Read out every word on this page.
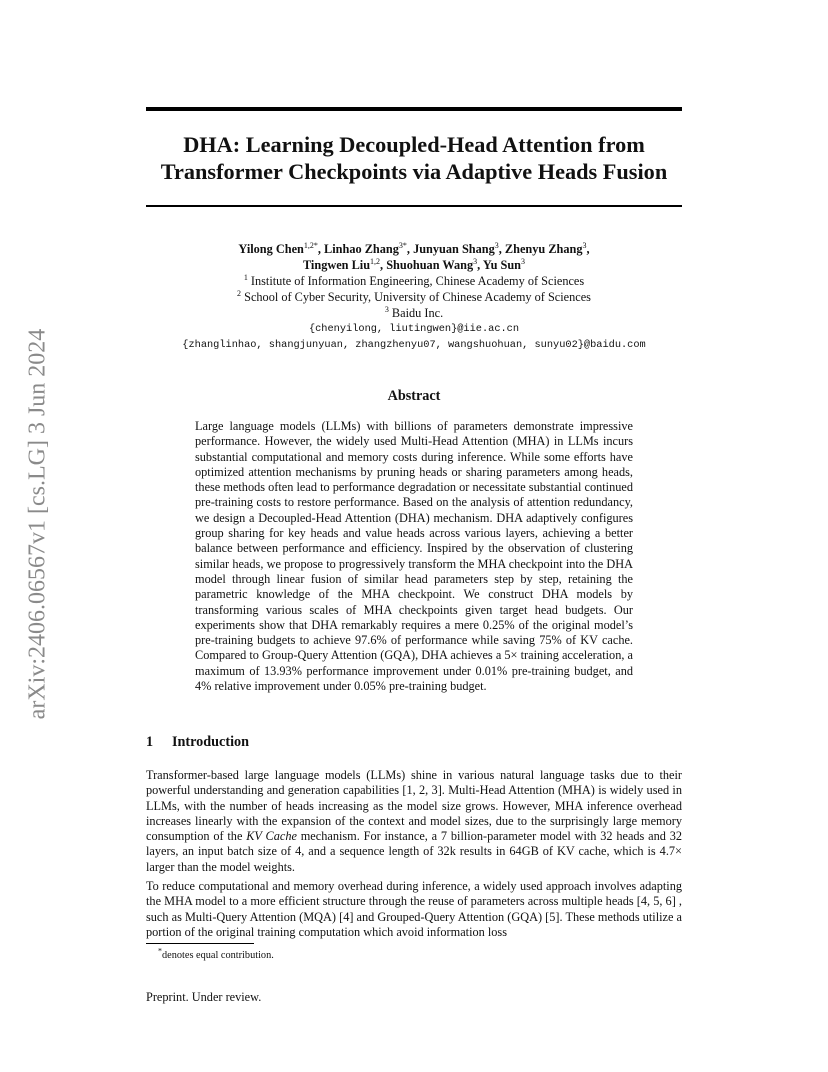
arXiv:2406.06567v1 [cs.LG] 3 Jun 2024
DHA: Learning Decoupled-Head Attention from
Transformer Checkpoints via Adaptive Heads Fusion
Yilong Chen$^{1,2*}$, Linhao Zhang$^{3*}$, Junyuan Shang$^3$, Zhenyu Zhang$^3$,
Tingwen Liu$^{1,2}$, Shuohuan Wang$^3$, Yu Sun$^3$
$^1$ Institute of Information Engineering, Chinese Academy of Sciences
$^2$ School of Cyber Security, University of Chinese Academy of Sciences
$^3$ Baidu Inc.
{chenyilong, liutingwen}@iie.ac.cn
{zhanglinhao, shangjunyuan, zhangzhenyu07, wangshuohuan, sunyu02}@baidu.com
Abstract
Large language models (LLMs) with billions of parameters demonstrate impressive performance. However, the widely used Multi-Head Attention (MHA) in LLMs incurs substantial computational and memory costs during inference. While some efforts have optimized attention mechanisms by pruning heads or sharing parameters among heads, these methods often lead to performance degradation or necessitate substantial continued pre-training costs to restore performance. Based on the analysis of attention redundancy, we design a Decoupled-Head Attention (DHA) mechanism. DHA adaptively configures group sharing for key heads and value heads across various layers, achieving a better balance between performance and efficiency. Inspired by the observation of clustering similar heads, we propose to progressively transform the MHA checkpoint into the DHA model through linear fusion of similar head parameters step by step, retaining the parametric knowledge of the MHA checkpoint. We construct DHA models by transforming various scales of MHA checkpoints given target head budgets. Our experiments show that DHA remarkably requires a mere 0.25% of the original model’s pre-training budgets to achieve 97.6% of performance while saving 75% of KV cache. Compared to Group-Query Attention (GQA), DHA achieves a 5× training acceleration, a maximum of 13.93% performance improvement under 0.01% pre-training budget, and 4% relative improvement under 0.05% pre-training budget.
1 Introduction
Transformer-based large language models (LLMs) shine in various natural language tasks due to their powerful understanding and generation capabilities [1, 2, 3]. Multi-Head Attention (MHA) is widely used in LLMs, with the number of heads increasing as the model size grows. However, MHA inference overhead increases linearly with the expansion of the context and model sizes, due to the surprisingly large memory consumption of the KV Cache mechanism. For instance, a 7 billion-parameter model with 32 heads and 32 layers, an input batch size of 4, and a sequence length of 32k results in 64GB of KV cache, which is 4.7× larger than the model weights.
To reduce computational and memory overhead during inference, a widely used approach involves adapting the MHA model to a more efficient structure through the reuse of parameters across multiple heads [4, 5, 6] , such as Multi-Query Attention (MQA) [4] and Grouped-Query Attention (GQA) [5]. These methods utilize a portion of the original training computation which avoid information loss
*denotes equal contribution.
Preprint. Under review.
